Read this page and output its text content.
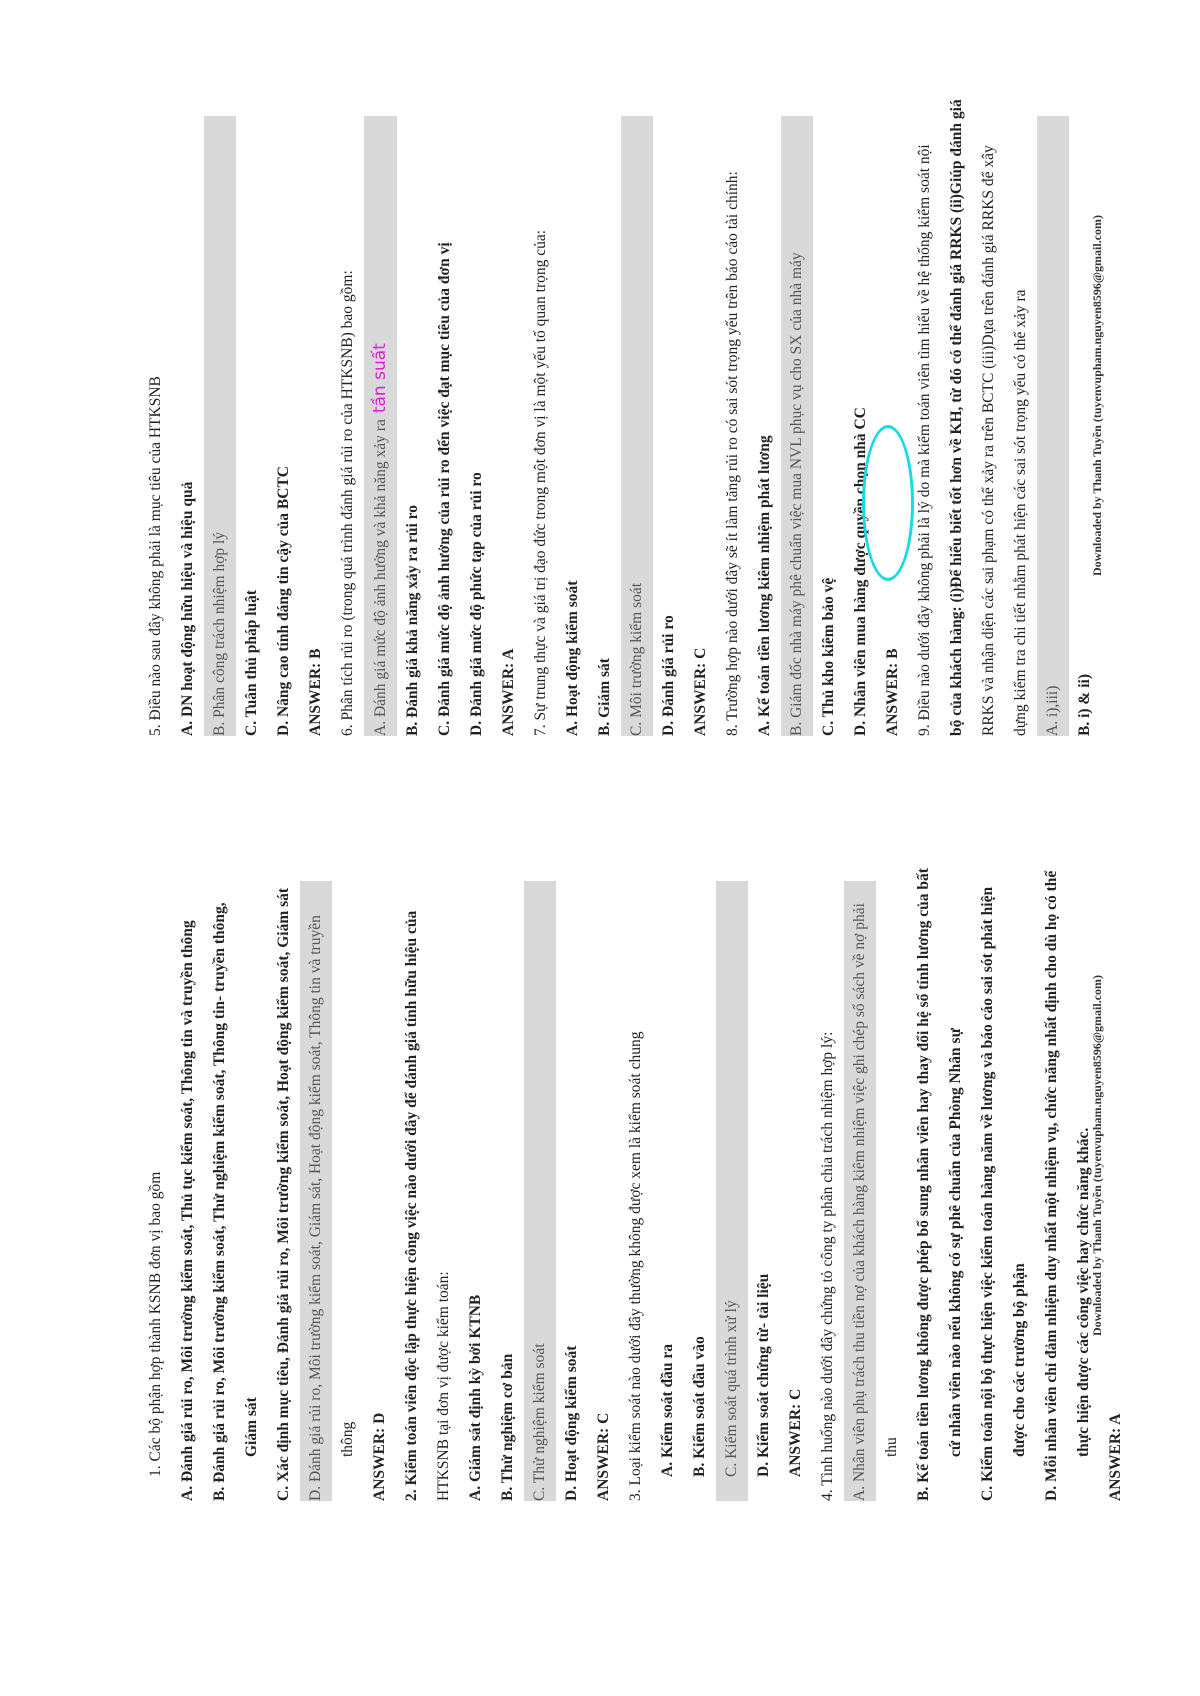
1. Các bộ phận hợp thành KSNB đơn vị bao gồm A. Đánh giá rủi ro, Môi trường kiểm soát, Thủ tục kiểm soát, Thông tin và truyền thông B. Đánh giá rủi ro, Môi trường kiểm soát, Thử nghiệm kiểm soát, Thông tin- truyền thông, Giám sát C. Xác định mục tiêu, Đánh giá rủi ro, Môi trường kiểm soát, Hoạt động kiểm soát, Giám sát D. Đánh giá rủi ro, Môi trường kiểm soát, Giám sát, Hoạt động kiểm soát, Thông tin và truyền thông ANSWER: D 2. Kiểm toán viên độc lập thực hiện công việc nào dưới đây để đánh giá tính hữu hiệu của HTKSNB tại đơn vị được kiểm toán: A. Giám sát định kỳ bởi KTNB B. Thử nghiệm cơ bản C. Thử nghiệm kiểm soát D. Hoạt động kiểm soát ANSWER: C 3. Loại kiểm soát nào dưới đây thường không được xem là kiểm soát chung A. Kiểm soát đầu ra B. Kiểm soát đầu vào C. Kiểm soát quá trình xử lý D. Kiểm soát chứng từ- tài liệu ANSWER: C 4. Tình huống nào dưới đây chứng tỏ công ty phân chia trách nhiệm hợp lý: A. Nhân viên phụ trách thu tiền nợ của khách hàng kiêm nhiệm việc ghi chép sổ sách về nợ phải thu B. Kế toán tiền lương không được phép bổ sung nhân viên hay thay đổi hệ số tính lương của bất cứ nhân viên nào nếu không có sự phê chuẩn của Phòng Nhân sự C. Kiểm toán nội bộ thực hiện việc kiểm toán hàng năm về lương và báo cáo sai sót phát hiện được cho các trưởng bộ phận D. Mỗi nhân viên chỉ đảm nhiệm duy nhất một nhiệm vụ, chức năng nhất định cho dù họ có thể thực hiện được các công việc hay chức năng khác.
ANSWER: A
5. Điều nào sau đây không phải là mục tiêu của HTKSNB A. DN hoạt động hữu hiệu và hiệu quả B. Phân công trách nhiệm hợp lý C. Tuân thủ pháp luật D. Nâng cao tính đáng tin cậy của BCTC ANSWER: B 6. Phân tích rủi ro (trong quá trình đánh giá rủi ro của HTKSNB) bao gồm:	A. Đánh giá mức độ ảnh hưởng và khả năng xảy ratần suất
B. Đánh giá khả năng xảy ra rủi ro C. Đánh giá mức độ ảnh hưởng của rủi ro đến việc đạt mục tiêu của đơn vị D. Đánh giá mức độ phức tạp của rủi ro ANSWER: A 7. Sự trung thực và giá trị đạo đức trong một đơn vị là một yếu tố quan trọng của: A. Hoạt động kiểm soát B. Giám sát C. Môi trường kiểm soát D. Đánh giá rủi ro ANSWER: C 8. Trường hợp nào dưới đây sẽ ít làm tăng rủi ro có sai sót trọng yếu trên báo cáo tài chính: A. Kế toán tiền lương kiêm nhiệm phát lương B. Giám đốc nhà máy phê chuẩn việc mua NVL phục vụ cho SX của nhà máy C. Thủ kho kiêm bảo vệ D. Nhân viên mua hàng được quyền chọn nhà CC ANSWER: B 9. Điều nào dưới đây không phải là lý do mà kiểm toán viên tìm hiểu về hệ thống kiểm soát nội bộ của khách hàng: (i)Để hiểu biết tốt hơn về KH, từ đó có thể đánh giá RRKS (ii)Giúp đánh giá RRKS và nhận diện các sai phạm có thể xảy ra trên BCTC (iii)Dựa trên đánh giá RRKS để xây dựng kiểm tra chi tiết nhằm phát hiện các sai sót trọng yếu có thể xảy ra A. i),iii) B. i) & ii)
Downloaded by Thanh Tuyền (tuyenvupham.nguyen8596@gmail.com)
Downloaded by Thanh Tuyền (tuyenvupham.nguyen8596@gmail.com)
